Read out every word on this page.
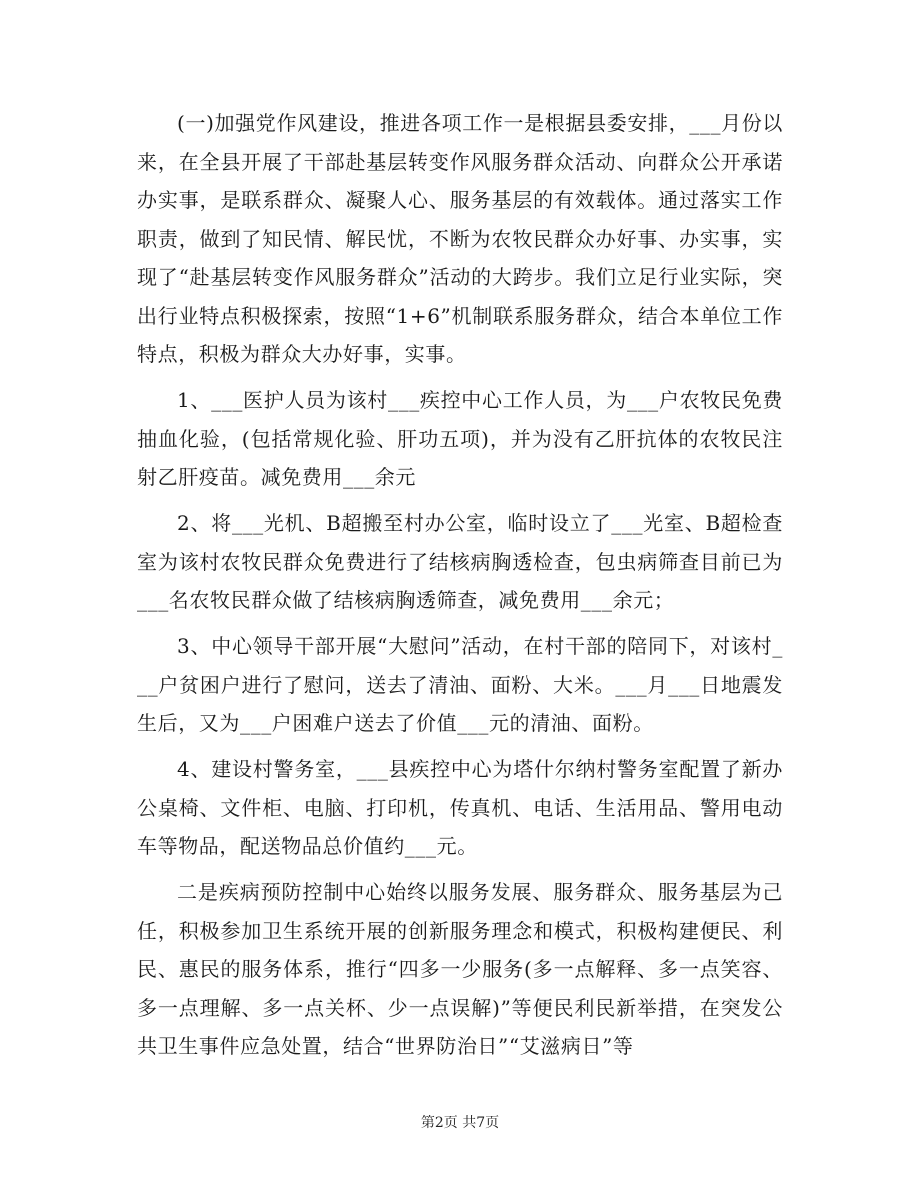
(一)加强党作风建设，推进各项工作一是根据县委安排，___月份以来，在全县开展了干部赴基层转变作风服务群众活动、向群众公开承诺办实事，是联系群众、凝聚人心、服务基层的有效载体。通过落实工作职责，做到了知民情、解民忧，不断为农牧民群众办好事、办实事，实现了“赴基层转变作风服务群众”活动的大跨步。我们立足行业实际，突出行业特点积极探索，按照“1+6”机制联系服务群众，结合本单位工作特点，积极为群众大办好事，实事。

1、___医护人员为该村___疾控中心工作人员，为___户农牧民免费抽血化验，(包括常规化验、肝功五项)，并为没有乙肝抗体的农牧民注射乙肝疫苗。减免费用___余元

2、将___光机、B超搬至村办公室，临时设立了___光室、B超检查室为该村农牧民群众免费进行了结核病胸透检查，包虫病筛查目前已为___名农牧民群众做了结核病胸透筛查，减免费用___余元；

3、中心领导干部开展“大慰问”活动，在村干部的陪同下，对该村___户贫困户进行了慰问，送去了清油、面粉、大米。___月___日地震发生后，又为___户困难户送去了价值___元的清油、面粉。

4、建设村警务室，___县疾控中心为塔什尔纳村警务室配置了新办公桌椅、文件柜、电脑、打印机，传真机、电话、生活用品、警用电动车等物品，配送物品总价值约___元。

二是疾病预防控制中心始终以服务发展、服务群众、服务基层为己任，积极参加卫生系统开展的创新服务理念和模式，积极构建便民、利民、惠民的服务体系，推行“四多一少服务(多一点解释、多一点笑容、多一点理解、多一点关杯、少一点误解)”等便民利民新举措，在突发公共卫生事件应急处置，结合“世界防治日”“艾滋病日”等

第2页 共7页
